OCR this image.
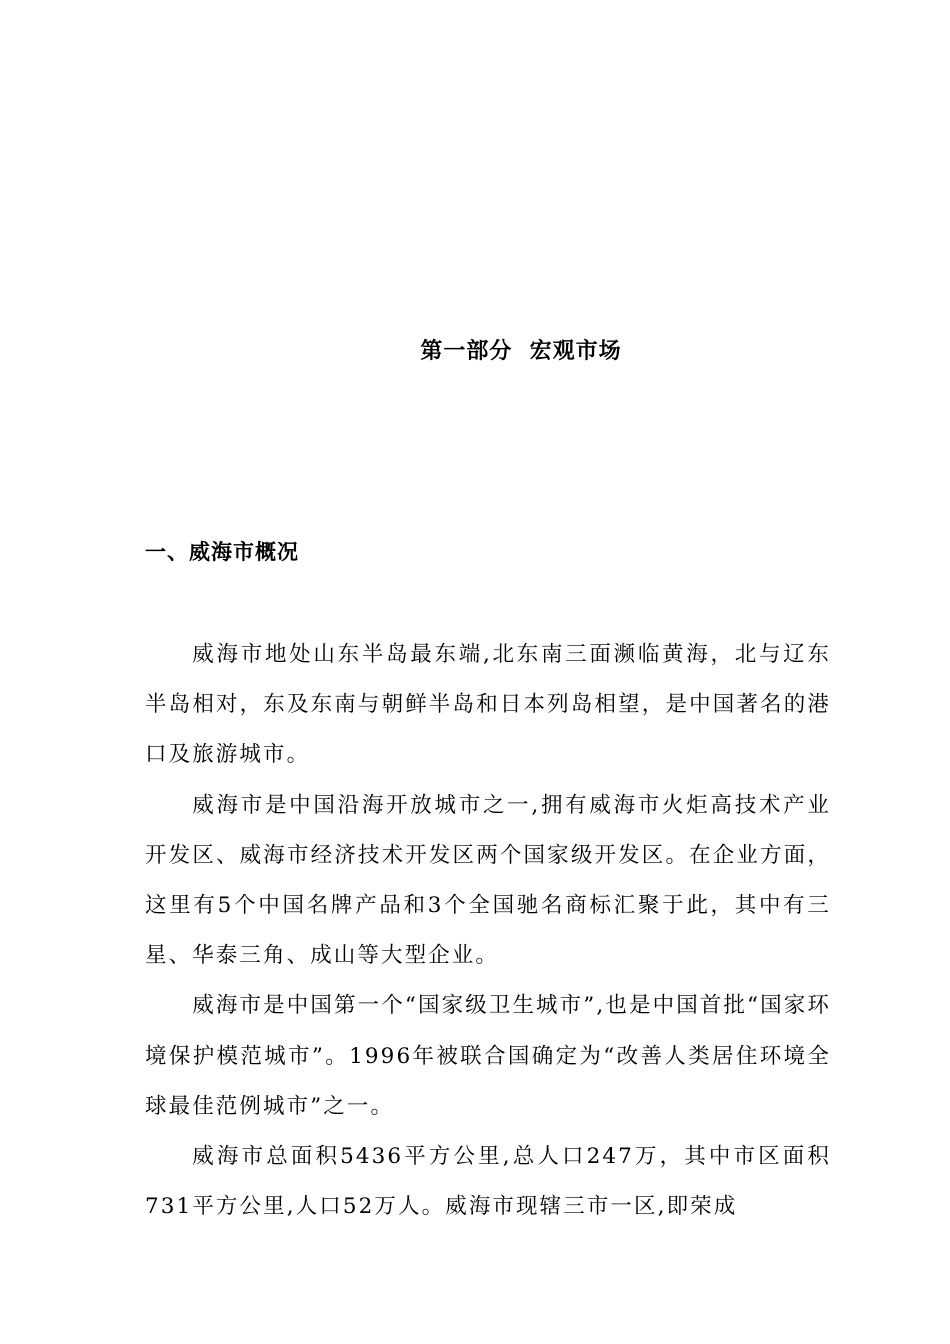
第一部分  宏观市场
一、威海市概况

威海市地处山东半岛最东端,北东南三面濒临黄海，北与辽东半岛相对，东及东南与朝鲜半岛和日本列岛相望，是中国著名的港口及旅游城市。

威海市是中国沿海开放城市之一,拥有威海市火炬高技术产业开发区、威海市经济技术开发区两个国家级开发区。在企业方面，这里有5个中国名牌产品和3个全国驰名商标汇聚于此，其中有三星、华泰三角、成山等大型企业。

威海市是中国第一个“国家级卫生城市”,也是中国首批“国家环境保护模范城市”。1996年被联合国确定为“改善人类居住环境全球最佳范例城市”之一。

威海市总面积5436平方公里,总人口247万，其中市区面积731平方公里,人口52万人。威海市现辖三市一区,即荣成
